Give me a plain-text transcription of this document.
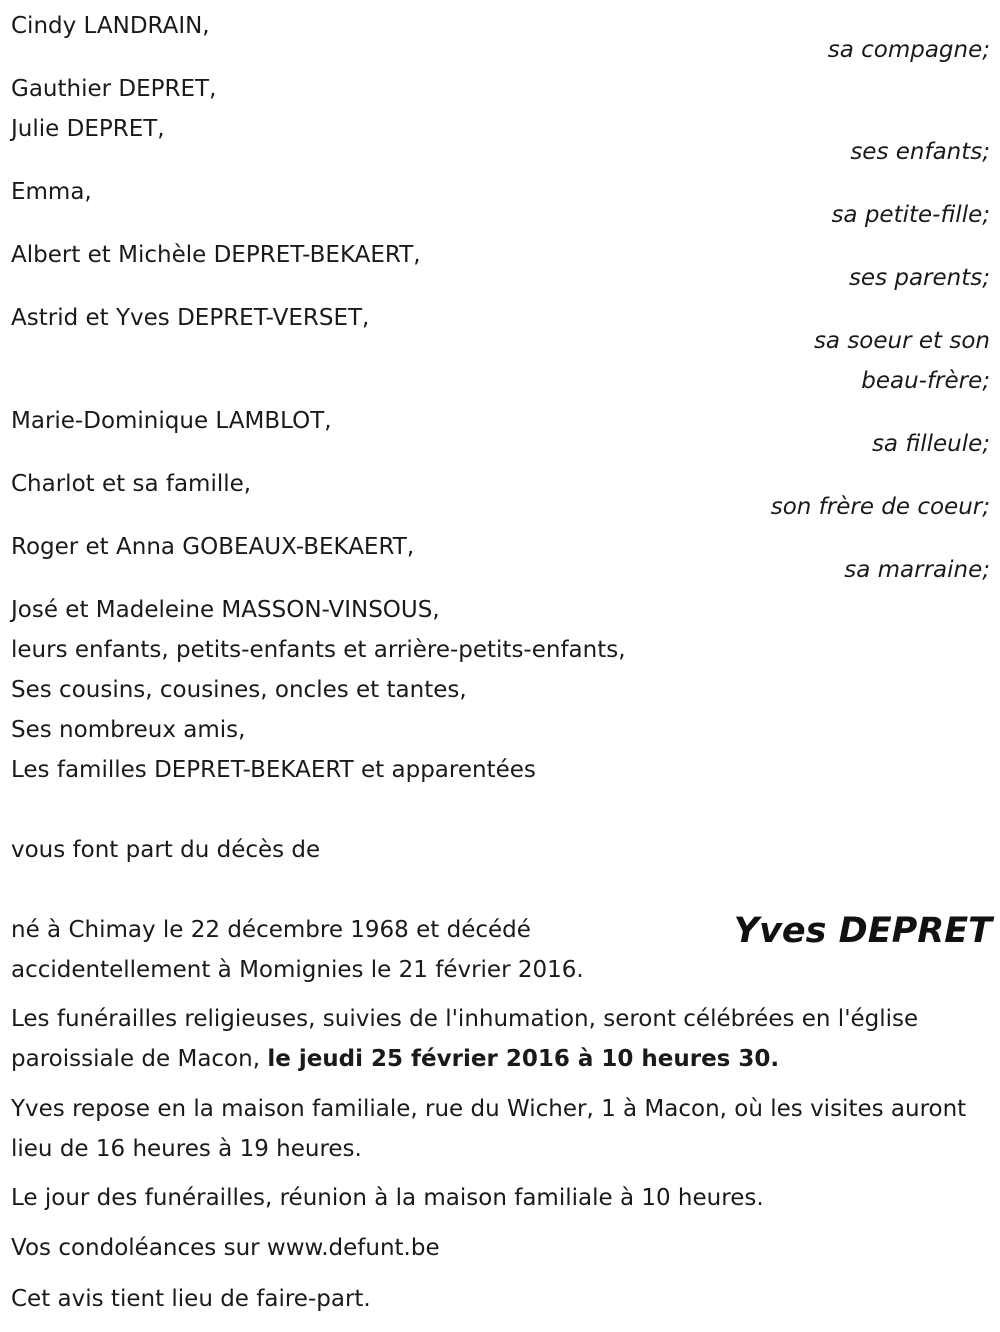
Cindy LANDRAIN,

sa compagne;

Gauthier DEPRET,

Julie DEPRET,

ses enfants;

Emma,

sa petite-fille;

Albert et Michèle DEPRET-BEKAERT,

ses parents;

Astrid et Yves DEPRET-VERSET,

sa soeur et son

beau-frère;

Marie-Dominique LAMBLOT,

sa filleule;

Charlot et sa famille,

son frère de coeur;

Roger et Anna GOBEAUX-BEKAERT,

sa marraine;

José et Madeleine MASSON-VINSOUS,

leurs enfants, petits-enfants et arrière-petits-enfants,

Ses cousins, cousines, oncles et tantes,

Ses nombreux amis,

Les familles DEPRET-BEKAERT et apparentées

vous font part du décès de

Yves DEPRET

né à Chimay le 22 décembre 1968 et décédé

accidentellement à Momignies le 21 février 2016.

Les funérailles religieuses, suivies de l'inhumation, seront célébrées en l'église paroissiale de Macon, le jeudi 25 février 2016 à 10 heures 30.

Yves repose en la maison familiale, rue du Wicher, 1 à Macon, où les visites auront lieu de 16 heures à 19 heures.

Le jour des funérailles, réunion à la maison familiale à 10 heures.

Vos condoléances sur www.defunt.be

Cet avis tient lieu de faire-part.
